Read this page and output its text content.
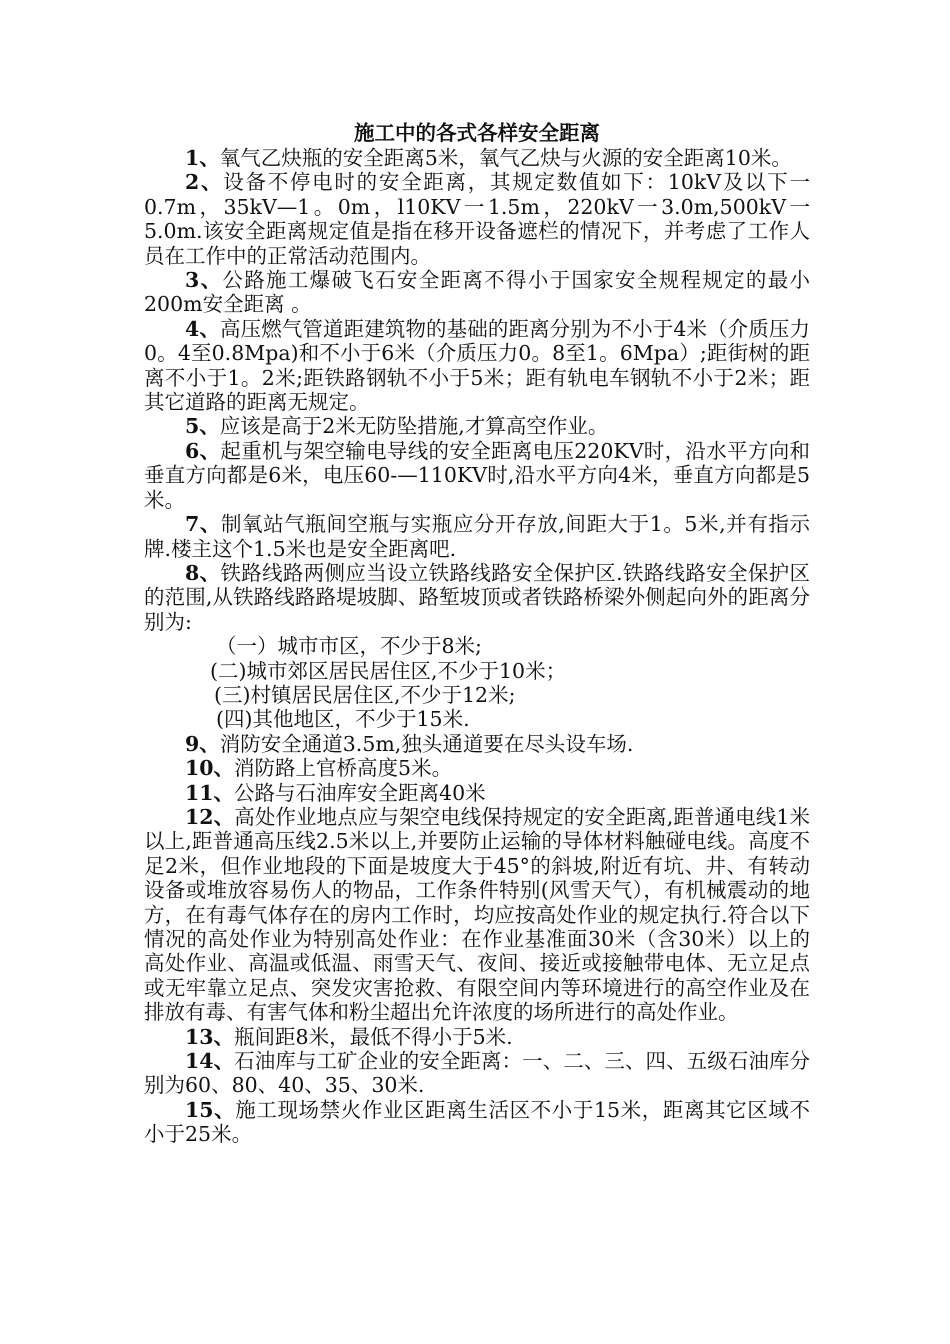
施工中的各式各样安全距离

1、氧气乙炔瓶的安全距离5米，氧气乙炔与火源的安全距离10米。

2、设备不停电时的安全距离，其规定数值如下：10kV及以下一0.7m，35kV—1。0m，l10KV一1.5m，220kV一3.0m,500kV一5.0m.该安全距离规定值是指在移开设备遮栏的情况下，并考虑了工作人员在工作中的正常活动范围内。

3、公路施工爆破飞石安全距离不得小于国家安全规程规定的最小200m安全距离 。

4、高压燃气管道距建筑物的基础的距离分别为不小于4米（介质压力0。4至0.8Mpa)和不小于6米（介质压力0。8至1。6Mpa）;距街树的距离不小于1。2米;距铁路钢轨不小于5米；距有轨电车钢轨不小于2米；距其它道路的距离无规定。

5、应该是高于2米无防坠措施,才算高空作业。

6、起重机与架空输电导线的安全距离电压220KV时，沿水平方向和垂直方向都是6米，电压60-—110KV时,沿水平方向4米，垂直方向都是5米。

7、制氧站气瓶间空瓶与实瓶应分开存放,间距大于1。5米,并有指示牌.楼主这个1.5米也是安全距离吧.

8、铁路线路两侧应当设立铁路线路安全保护区.铁路线路安全保护区的范围,从铁路线路路堤坡脚、路堑坡顶或者铁路桥梁外侧起向外的距离分别为:

（一）城市市区，不少于8米;

(二)城市郊区居民居住区,不少于10米；

(三)村镇居民居住区,不少于12米;

(四)其他地区，不少于15米.

9、消防安全通道3.5m,独头通道要在尽头设车场.

10、消防路上官桥高度5米。

11、公路与石油库安全距离40米

12、高处作业地点应与架空电线保持规定的安全距离,距普通电线1米以上,距普通高压线2.5米以上,并要防止运输的导体材料触碰电线。高度不足2米，但作业地段的下面是坡度大于45°的斜坡,附近有坑、井、有转动设备或堆放容易伤人的物品，工作条件特别(风雪天气），有机械震动的地方，在有毒气体存在的房内工作时，均应按高处作业的规定执行.符合以下情况的高处作业为特别高处作业：在作业基准面30米（含30米）以上的高处作业、高温或低温、雨雪天气、夜间、接近或接触带电体、无立足点或无牢靠立足点、突发灾害抢救、有限空间内等环境进行的高空作业及在排放有毒、有害气体和粉尘超出允许浓度的场所进行的高处作业。

13、瓶间距8米，最低不得小于5米.

14、石油库与工矿企业的安全距离：一、二、三、四、五级石油库分别为60、80、40、35、30米.

15、施工现场禁火作业区距离生活区不小于15米，距离其它区域不小于25米。
